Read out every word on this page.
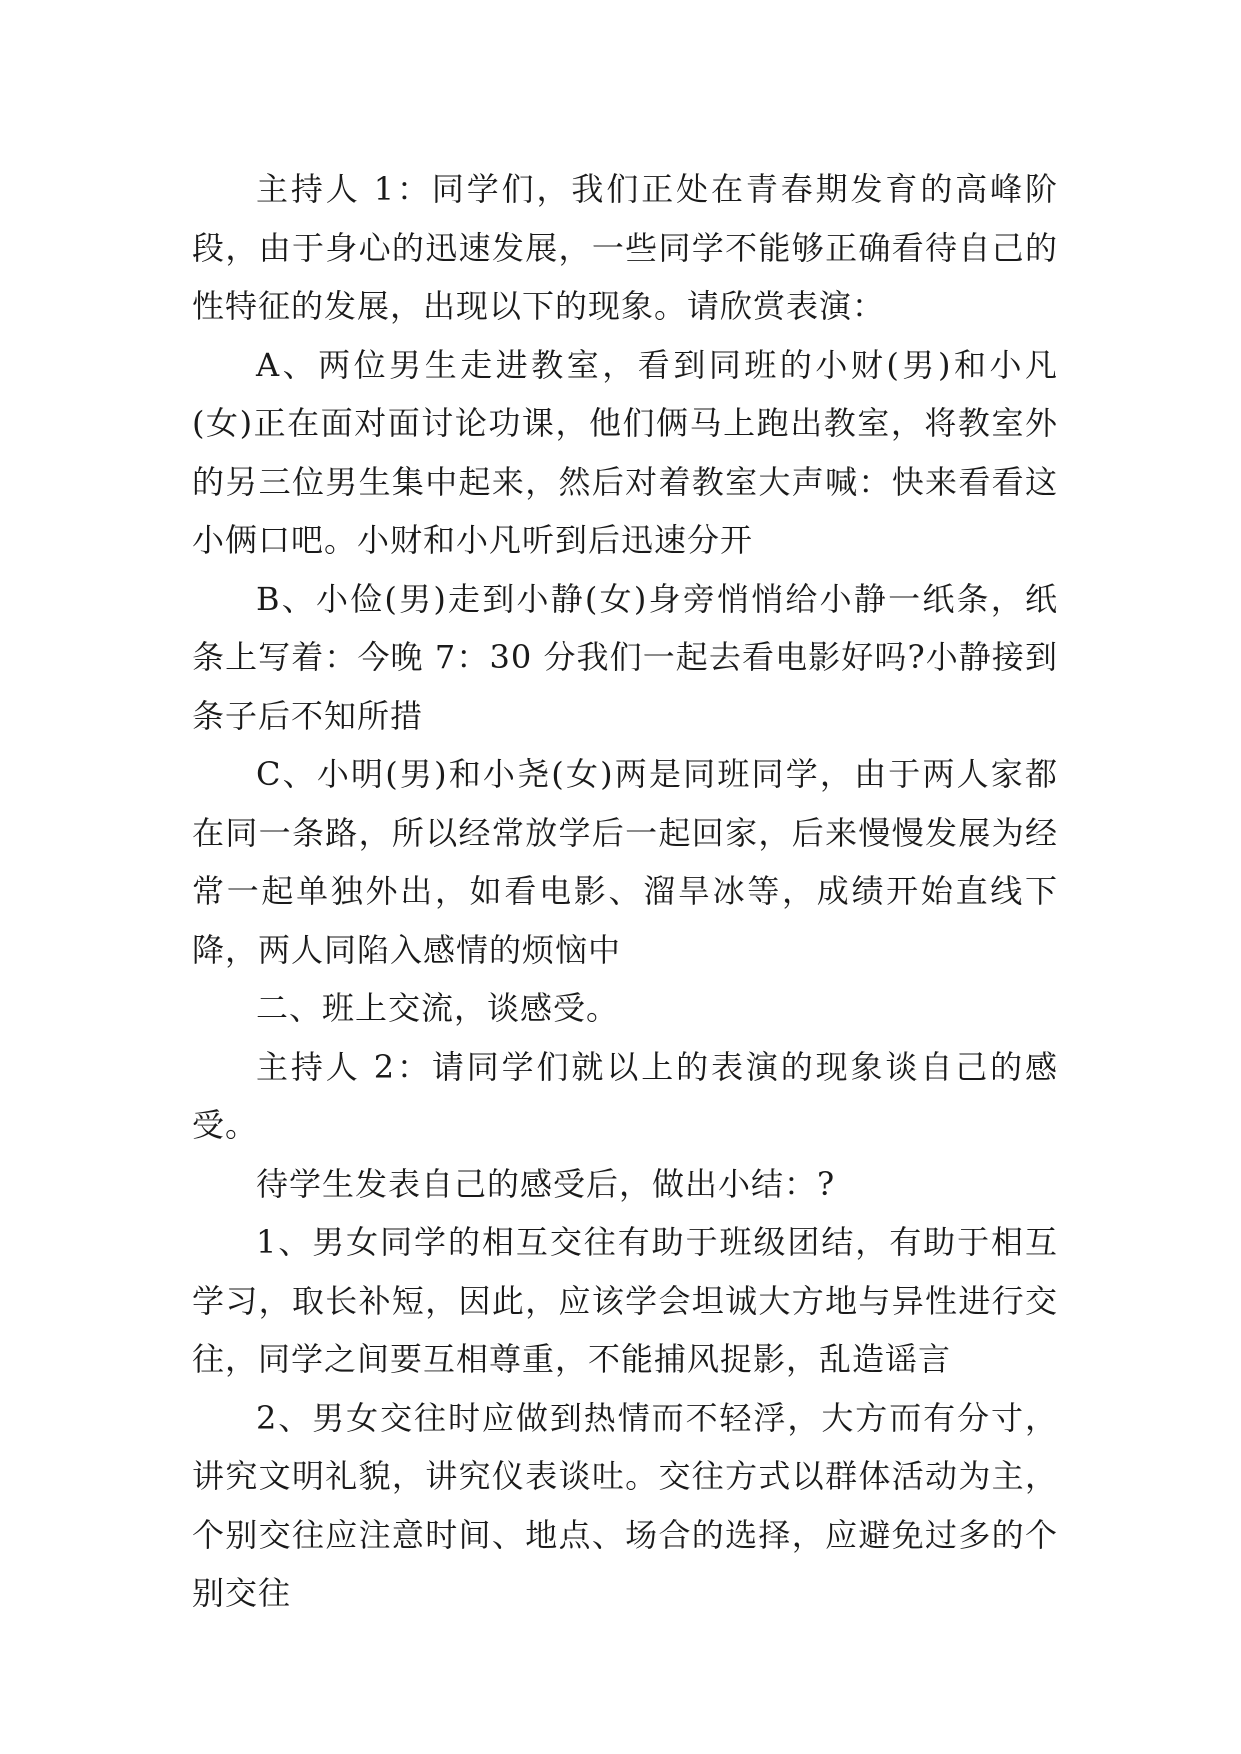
主持人 1：同学们，我们正处在青春期发育的高峰阶段，由于身心的迅速发展，一些同学不能够正确看待自己的性特征的发展，出现以下的现象。请欣赏表演：

A、两位男生走进教室，看到同班的小财(男)和小凡(女)正在面对面讨论功课，他们俩马上跑出教室，将教室外的另三位男生集中起来，然后对着教室大声喊：快来看看这小俩口吧。小财和小凡听到后迅速分开

B、小俭(男)走到小静(女)身旁悄悄给小静一纸条，纸条上写着：今晚 7：30 分我们一起去看电影好吗?小静接到条子后不知所措

C、小明(男)和小尧(女)两是同班同学，由于两人家都在同一条路，所以经常放学后一起回家，后来慢慢发展为经常一起单独外出，如看电影、溜旱冰等，成绩开始直线下降，两人同陷入感情的烦恼中

二、班上交流，谈感受。

主持人 2：请同学们就以上的表演的现象谈自己的感受。

待学生发表自己的感受后，做出小结：?

1、男女同学的相互交往有助于班级团结，有助于相互学习，取长补短，因此，应该学会坦诚大方地与异性进行交往，同学之间要互相尊重，不能捕风捉影，乱造谣言

2、男女交往时应做到热情而不轻浮，大方而有分寸，讲究文明礼貌，讲究仪表谈吐。交往方式以群体活动为主，个别交往应注意时间、地点、场合的选择，应避免过多的个别交往
